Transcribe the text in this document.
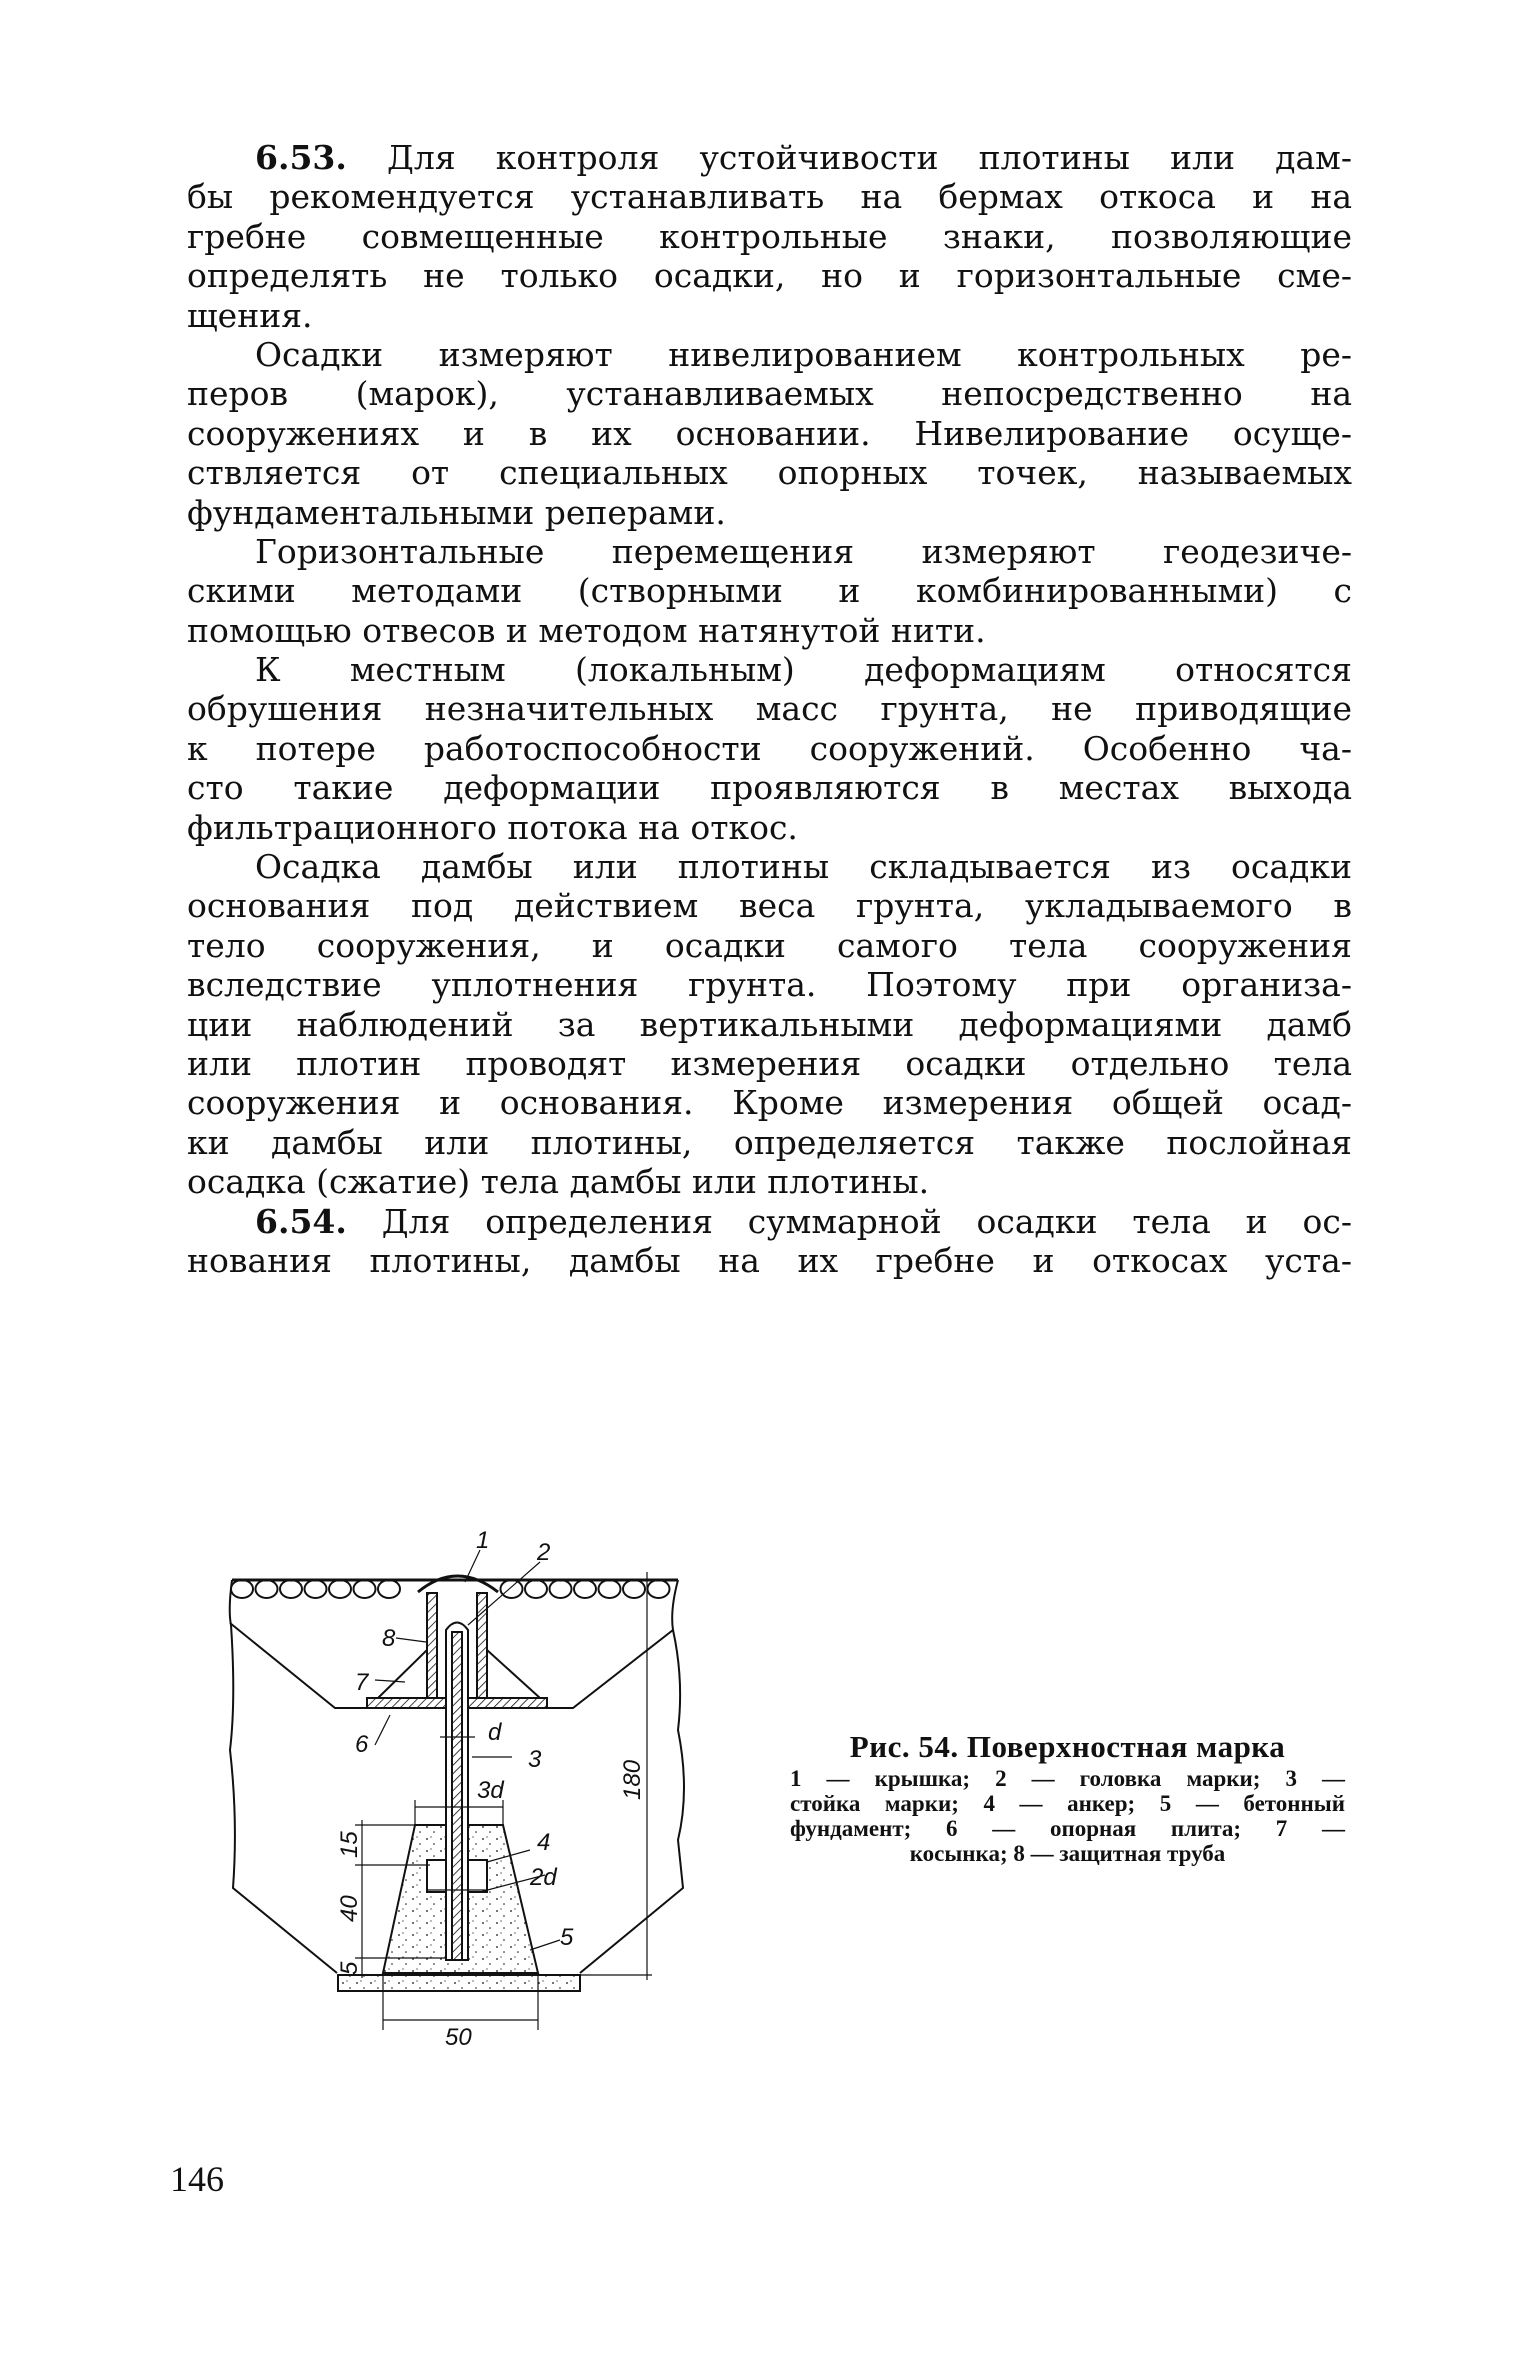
6.53. Для контроля устойчивости плотины или дам-
бы рекомендуется устанавливать на бермах откоса и на
гребне совмещенные контрольные знаки, позволяющие
определять не только осадки, но и горизонтальные сме-
щения.
Осадки измеряют нивелированием контрольных ре-
перов (марок), устанавливаемых непосредственно на
сооружениях и в их основании. Нивелирование осуще-
ствляется от специальных опорных точек, называемых
фундаментальными реперами.
Горизонтальные перемещения измеряют геодезиче-
скими методами (створными и комбинированными) с
помощью отвесов и методом натянутой нити.
К местным (локальным) деформациям относятся
обрушения незначительных масс грунта, не приводящие
к потере работоспособности сооружений. Особенно ча-
сто такие деформации проявляются в местах выхода
фильтрационного потока на откос.
Осадка дамбы или плотины складывается из осадки
основания под действием веса грунта, укладываемого в
тело сооружения, и осадки самого тела сооружения
вследствие уплотнения грунта. Поэтому при организа-
ции наблюдений за вертикальными деформациями дамб
или плотин проводят измерения осадки отдельно тела
сооружения и основания. Кроме измерения общей осад-
ки дамбы или плотины, определяется также послойная
осадка (сжатие) тела дамбы или плотины.
6.54. Для определения суммарной осадки тела и ос-
нования плотины, дамбы на их гребне и откосах уста-
1 2
8
7
6	d
3
3d
4
2d
5
50
180
15
40
5
Рис. 54. Поверхностная марка
1 — крышка; 2 — головка марки; 3 —
стойка марки; 4 — анкер; 5 — бетонный
фундамент; 6 — опорная плита; 7 —
косынка; 8 — защитная труба
146
